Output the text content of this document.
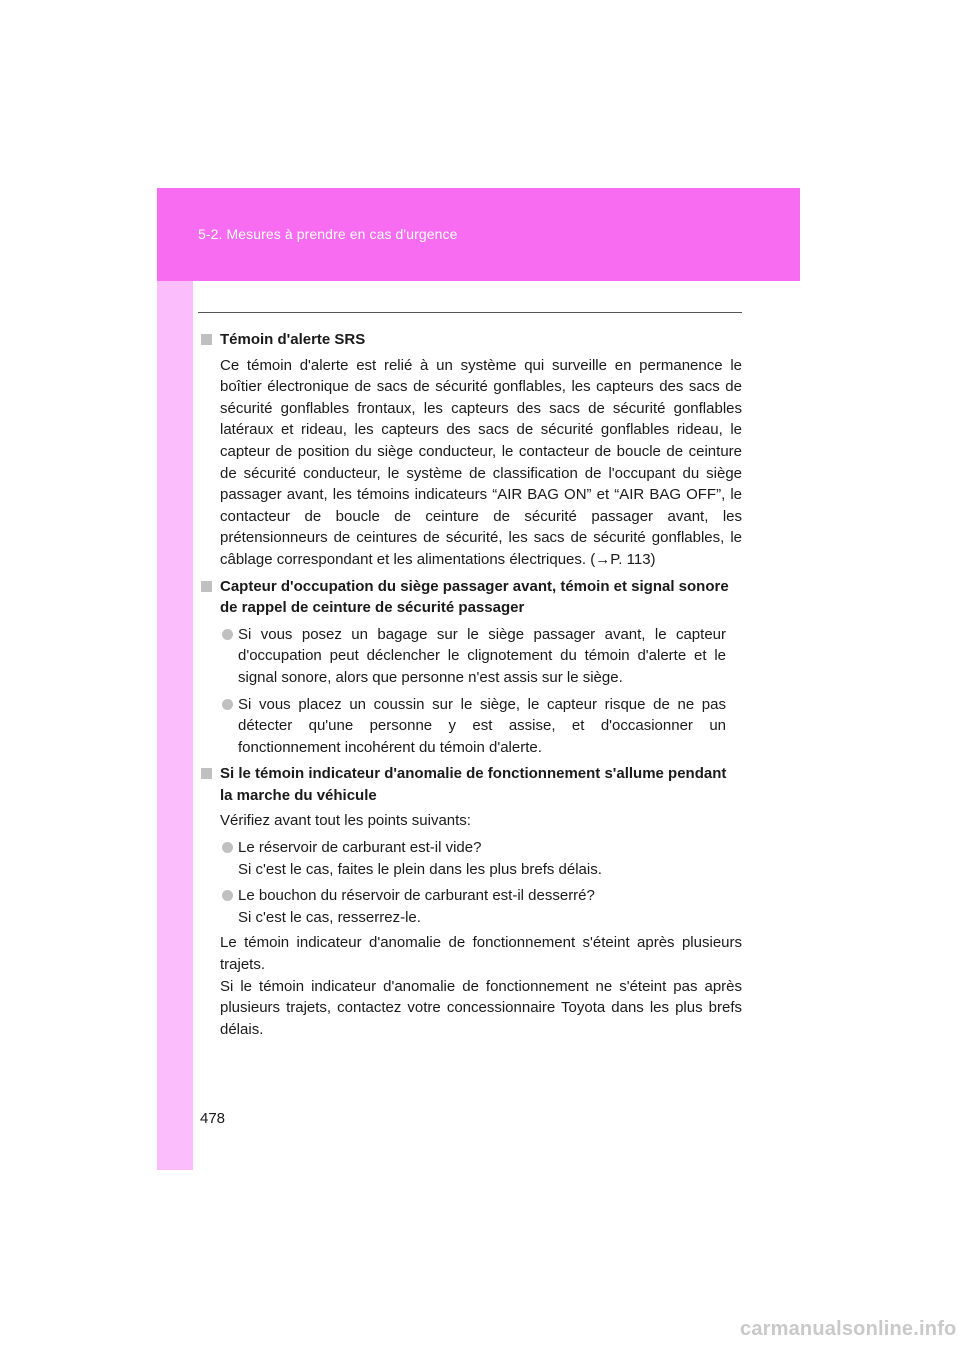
5-2. Mesures à prendre en cas d'urgence

Témoin d'alerte SRS

Ce témoin d'alerte est relié à un système qui surveille en permanence le boîtier électronique de sacs de sécurité gonflables, les capteurs des sacs de sécurité gonflables frontaux, les capteurs des sacs de sécurité gonflables latéraux et rideau, les capteurs des sacs de sécurité gonflables rideau, le capteur de position du siège conducteur, le contacteur de boucle de ceinture de sécurité conducteur, le système de classification de l'occupant du siège passager avant, les témoins indicateurs “AIR BAG ON” et “AIR BAG OFF”, le contacteur de boucle de ceinture de sécurité passager avant, les prétensionneurs de ceintures de sécurité, les sacs de sécurité gonflables, le câblage correspondant et les alimentations électriques. (→P. 113)

Capteur d'occupation du siège passager avant, témoin et signal sonore de rappel de ceinture de sécurité passager

Si vous posez un bagage sur le siège passager avant, le capteur d'occupation peut déclencher le clignotement du témoin d'alerte et le signal sonore, alors que personne n'est assis sur le siège.

Si vous placez un coussin sur le siège, le capteur risque de ne pas détecter qu'une personne y est assise, et d'occasionner un fonctionnement incohérent du témoin d'alerte.

Si le témoin indicateur d'anomalie de fonctionnement s'allume pendant la marche du véhicule

Vérifiez avant tout les points suivants:

Le réservoir de carburant est-il vide?
Si c'est le cas, faites le plein dans les plus brefs délais.

Le bouchon du réservoir de carburant est-il desserré?
Si c'est le cas, resserrez-le.

Le témoin indicateur d'anomalie de fonctionnement s'éteint après plusieurs trajets.
Si le témoin indicateur d'anomalie de fonctionnement ne s'éteint pas après plusieurs trajets, contactez votre concessionnaire Toyota dans les plus brefs délais.

478
carmanualsonline.info
